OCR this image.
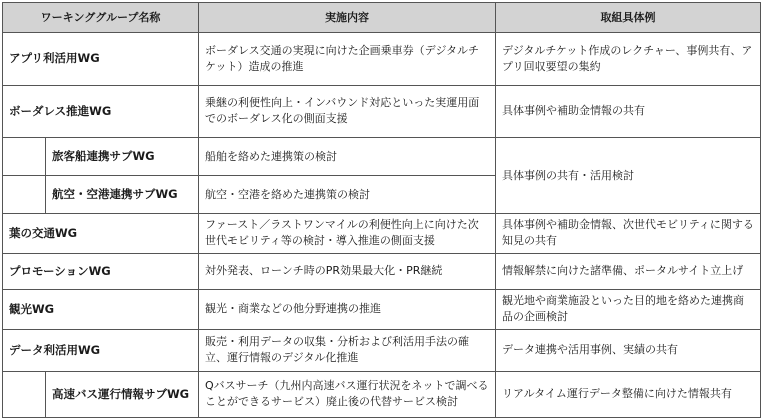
ワーキンググループ名称		実施内容	取組具体例
アプリ利活用WG		ボーダレス交通の実現に向けた企画乗車券（デジタルチケット）造成の推進	デジタルチケット作成のレクチャー、事例共有、アプリ回収要望の集約
ボーダレス推進WG		乗継の利便性向上・インバウンド対応といった実運用面でのボーダレス化の側面支援	具体事例や補助金情報の共有
	旅客船連携サブWG	船舶を絡めた連携策の検討	具体事例の共有・活用検討
	航空・空港連携サブWG	航空・空港を絡めた連携策の検討	
葉の交通WG		ファースト／ラストワンマイルの利便性向上に向けた次世代モビリティ等の検討・導入推進の側面支援	具体事例や補助金情報、次世代モビリティに関する知見の共有
プロモーションWG		対外発表、ローンチ時のPR効果最大化・PR継続	情報解禁に向けた諸準備、ポータルサイト立上げ
観光WG		観光・商業などの他分野連携の推進	観光地や商業施設といった目的地を絡めた連携商品の企画検討
データ利活用WG		販売・利用データの収集・分析および利活用手法の確立、運行情報のデジタル化推進	データ連携や活用事例、実績の共有
	高速バス運行情報サブWG	Qバスサーチ（九州内高速バス運行状況をネットで調べることができるサービス）廃止後の代替サービス検討	リアルタイム運行データ整備に向けた情報共有
